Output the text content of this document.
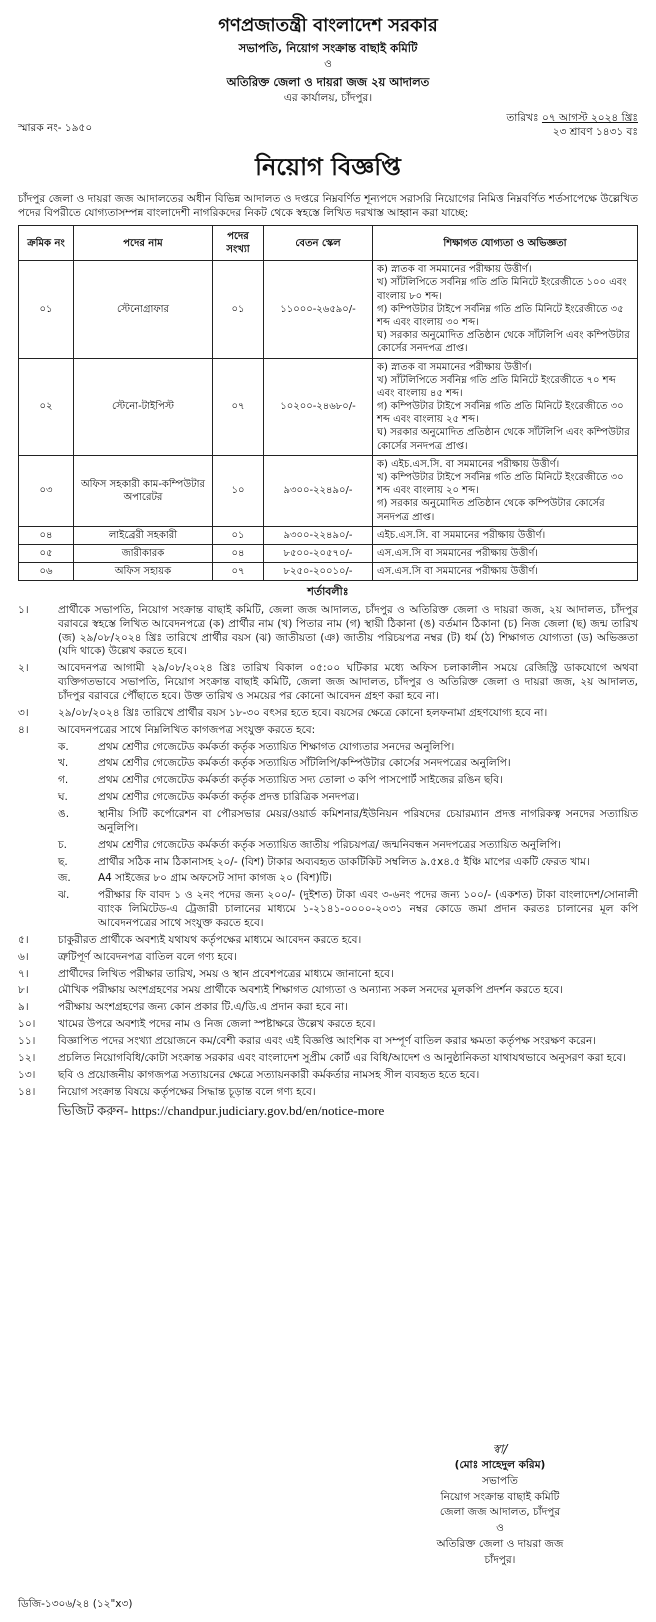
গণপ্রজাতন্ত্রী বাংলাদেশ সরকার
সভাপতি, নিয়োগ সংক্রান্ত বাছাই কমিটি
ও
অতিরিক্ত জেলা ও দায়রা জজ ২য় আদালত
এর কার্যালয়, চাঁদপুর।
স্মারক নং- ১৯৫০
তারিখঃ ০৭ আগস্ট ২০২৪ খ্রিঃ
২৩ শ্রাবণ ১৪৩১ বঃ
নিয়োগ বিজ্ঞপ্তি
চাঁদপুর জেলা ও দায়রা জজ আদালতের অধীন বিভিন্ন আদালত ও দপ্তরে নিম্নবর্ণিত শূন্যপদে সরাসরি নিয়োগের নিমিত্ত নিম্নবর্ণিত শর্তসাপেক্ষে উল্লেখিত পদের বিপরীতে যোগ্যতাসম্পন্ন বাংলাদেশী নাগরিকদের নিকট থেকে স্বহস্তে লিখিত দরখাস্ত আহ্বান করা যাচ্ছে:
ক্রমিক নং	পদের নাম	পদের সংখ্যা	বেতন স্কেল	শিক্ষাগত যোগ্যতা ও অভিজ্ঞতা
০১	স্টেনোগ্রাফার	০১	১১০০০-২৬৫৯০/-	ক) স্নাতক বা সমমানের পরীক্ষায় উত্তীর্ণ।
খ) সাঁটলিপিতে সর্বনিম্ন গতি প্রতি মিনিটে ইংরেজীতে ১০০ এবং বাংলায় ৮০ শব্দ।
গ) কম্পিউটার টাইপে সর্বনিম্ন গতি প্রতি মিনিটে ইংরেজীতে ৩৫ শব্দ এবং বাংলায় ৩০ শব্দ।
ঘ) সরকার অনুমোদিত প্রতিষ্ঠান থেকে সাঁটলিপি এবং কম্পিউটার কোর্সের সনদপত্র প্রাপ্ত।

০২	স্টেনো-টাইপিস্ট	০৭	১০২০০-২৪৬৮০/-	ক) স্নাতক বা সমমানের পরীক্ষায় উত্তীর্ণ।
খ) সাঁটলিপিতে সর্বনিম্ন গতি প্রতি মিনিটে ইংরেজীতে ৭০ শব্দ এবং বাংলায় ৪৫ শব্দ।
গ) কম্পিউটার টাইপে সর্বনিম্ন গতি প্রতি মিনিটে ইংরেজীতে ৩০ শব্দ এবং বাংলায় ২৫ শব্দ।
ঘ) সরকার অনুমোদিত প্রতিষ্ঠান থেকে সাঁটলিপি এবং কম্পিউটার কোর্সের সনদপত্র প্রাপ্ত।

০৩	অফিস সহকারী কাম-কম্পিউটার অপারেটর	১০	৯৩০০-২২৪৯০/-	ক) এইচ.এস.সি. বা সমমানের পরীক্ষায় উত্তীর্ণ।
খ) কম্পিউটার টাইপে সর্বনিম্ন গতি প্রতি মিনিটে ইংরেজীতে ৩০ শব্দ এবং বাংলায় ২০ শব্দ।
গ) সরকার অনুমোদিত প্রতিষ্ঠান থেকে কম্পিউটার কোর্সের সনদপত্র প্রাপ্ত।

০৪	লাইব্রেরী সহকারী	০১	৯৩০০-২২৪৯০/-	এইচ.এস.সি. বা সমমানের পরীক্ষায় উত্তীর্ণ।

০৫	জারীকারক	০৪	৮৫০০-২০৫৭০/-	এস.এস.সি বা সমমানের পরীক্ষায় উত্তীর্ণ।

০৬	অফিস সহায়ক	০৭	৮২৫০-২০০১০/-	এস.এস.সি বা সমমানের পরীক্ষায় উত্তীর্ণ।
শর্তাবলীঃ
১।	প্রার্থীকে সভাপতি, নিয়োগ সংক্রান্ত বাছাই কমিটি, জেলা জজ আদালত, চাঁদপুর ও অতিরিক্ত জেলা ও দায়রা জজ, ২য় আদালত, চাঁদপুর বরাবরে স্বহস্তে লিখিত আবেদনপত্রে (ক) প্রার্থীর নাম (খ) পিতার নাম (গ) স্থায়ী ঠিকানা (ঙ) বর্তমান ঠিকানা (চ) নিজ জেলা (ছ) জন্ম তারিখ (জ) ২৯/০৮/২০২৪ খ্রিঃ তারিখে প্রার্থীর বয়স (ঝ) জাতীয়তা (ঞ) জাতীয় পরিচয়পত্র নম্বর (ট) ধর্ম (ঠ) শিক্ষাগত যোগ্যতা (ড) অভিজ্ঞতা (যদি থাকে) উল্লেখ করতে হবে।
২।	আবেদনপত্র আগামী ২৯/০৮/২০২৪ খ্রিঃ তারিখ বিকাল ০৫:০০ ঘটিকার মধ্যে অফিস চলাকালীন সময়ে রেজিস্ট্রি ডাকযোগে অথবা ব্যক্তিগতভাবে সভাপতি, নিয়োগ সংক্রান্ত বাছাই কমিটি, জেলা জজ আদালত, চাঁদপুর ও অতিরিক্ত জেলা ও দায়রা জজ, ২য় আদালত, চাঁদপুর বরাবরে পৌঁছাতে হবে। উক্ত তারিখ ও সময়ের পর কোনো আবেদন গ্রহণ করা হবে না।
৩।	২৯/০৮/২০২৪ খ্রিঃ তারিখে প্রার্থীর বয়স ১৮-৩০ বৎসর হতে হবে। বয়সের ক্ষেত্রে কোনো হলফনামা গ্রহণযোগ্য হবে না।
৪।	আবেদনপত্রের সাথে নিম্নলিখিত কাগজপত্র সংযুক্ত করতে হবে:
ক.	প্রথম শ্রেণীর গেজেটেড কর্মকর্তা কর্তৃক সত্যায়িত শিক্ষাগত যোগ্যতার সনদের অনুলিপি।
খ.	প্রথম শ্রেণীর গেজেটেড কর্মকর্তা কর্তৃক সত্যায়িত সাঁটলিপি/কম্পিউটার কোর্সের সনদপত্রের অনুলিপি।
গ.	প্রথম শ্রেণীর গেজেটেড কর্মকর্তা কর্তৃক সত্যায়িত সদ্য তোলা ৩ কপি পাসপোর্ট সাইজের রঙিন ছবি।
ঘ.	প্রথম শ্রেণীর গেজেটেড কর্মকর্তা কর্তৃক প্রদত্ত চারিত্রিক সনদপত্র।
ঙ.	স্থানীয় সিটি কর্পোরেশন বা পৌরসভার মেয়র/ওয়ার্ড কমিশনার/ইউনিয়ন পরিষদের চেয়ারম্যান প্রদত্ত নাগরিকত্ব সনদের সত্যায়িত অনুলিপি।
চ.	প্রথম শ্রেণীর গেজেটেড কর্মকর্তা কর্তৃক সত্যায়িত জাতীয় পরিচয়পত্র/ জন্মনিবন্ধন সনদপত্রের সত্যায়িত অনুলিপি।
ছ.	প্রার্থীর সঠিক নাম ঠিকানাসহ ২০/- (বিশ) টাকার অব্যবহৃত ডাকটিকিট সম্বলিত ৯.৫x৪.৫ ইঞ্চি মাপের একটি ফেরত খাম।
জ.	A4 সাইজের ৮০ গ্রাম অফসেট সাদা কাগজ ২০ (বিশ)টি।
ঝ.	পরীক্ষার ফি বাবদ ১ ও ২নং পদের জন্য ২০০/- (দুইশত) টাকা এবং ৩-৬নং পদের জন্য ১০০/- (একশত) টাকা বাংলাদেশ/সোনালী ব্যাংক লিমিটেড-এ ট্রেজারী চালানের মাধ্যমে ১-২১৪১-০০০০-২০৩১ নম্বর কোডে জমা প্রদান করতঃ চালানের মূল কপি আবেদনপত্রের সাথে সংযুক্ত করতে হবে।
৫।	চাকুরীরত প্রার্থীকে অবশ্যই যথাযথ কর্তৃপক্ষের মাধ্যমে আবেদন করতে হবে।
৬।	ত্রুটিপূর্ণ আবেদনপত্র বাতিল বলে গণ্য হবে।
৭।	প্রার্থীদের লিখিত পরীক্ষার তারিখ, সময় ও স্থান প্রবেশপত্রের মাধ্যমে জানানো হবে।
৮।	মৌখিক পরীক্ষায় অংশগ্রহণের সময় প্রার্থীকে অবশ্যই শিক্ষাগত যোগ্যতা ও অন্যান্য সকল সনদের মূলকপি প্রদর্শন করতে হবে।
৯।	পরীক্ষায় অংশগ্রহণের জন্য কোন প্রকার টি.এ/ডি.এ প্রদান করা হবে না।
১০। খামের উপরে অবশ্যই পদের নাম ও নিজ জেলা স্পষ্টাক্ষরে উল্লেখ করতে হবে।
১১। বিজ্ঞাপিত পদের সংখ্যা প্রয়োজনে কম/বেশী করার এবং এই বিজ্ঞপ্তি আংশিক বা সম্পূর্ণ বাতিল করার ক্ষমতা কর্তৃপক্ষ সংরক্ষণ করেন।
১২। প্রচলিত নিয়োগবিধি/কোটা সংক্রান্ত সরকার এবং বাংলাদেশ সুপ্রীম কোর্ট এর বিধি/আদেশ ও আনুষ্ঠানিকতা যাথাযথভাবে অনুসরণ করা হবে।
১৩। ছবি ও প্রয়োজনীয় কাগজপত্র সত্যায়নের ক্ষেত্রে সত্যায়নকারী কর্মকর্তার নামসহ সীল ব্যবহৃত হতে হবে।
১৪। নিয়োগ সংক্রান্ত বিষয়ে কর্তৃপক্ষের সিদ্ধান্ত চূড়ান্ত বলে গণ্য হবে।
ভিজিট করুন- https://chandpur.judiciary.gov.bd/en/notice-more
স্বা/
(মোঃ সাহেদুল করিম)
সভাপতি
নিয়োগ সংক্রান্ত বাছাই কমিটি
জেলা জজ আদালত, চাঁদপুর
ও
অতিরিক্ত জেলা ও দায়রা জজ
চাঁদপুর।
ডিজি-১৩০৬/২৪ (১২"x৩)
